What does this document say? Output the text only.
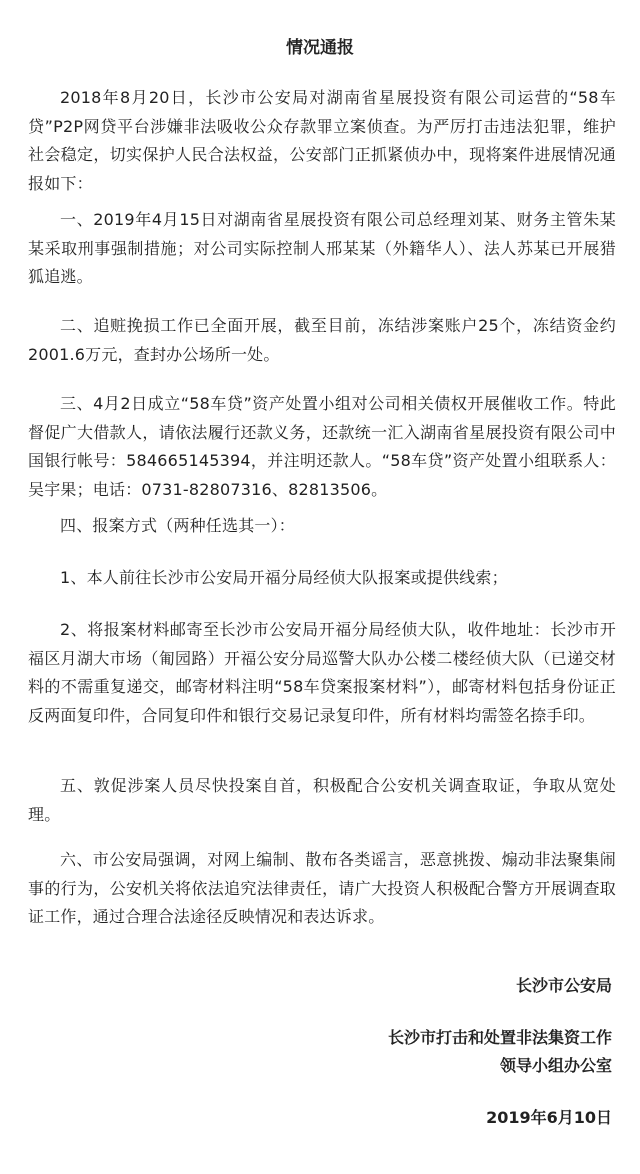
情况通报
2018年8月20日，长沙市公安局对湖南省星展投资有限公司运营的“58车贷”P2P网贷平台涉嫌非法吸收公众存款罪立案侦查。为严厉打击违法犯罪，维护社会稳定，切实保护人民合法权益，公安部门正抓紧侦办中，现将案件进展情况通报如下：
一、2019年4月15日对湖南省星展投资有限公司总经理刘某、财务主管朱某某采取刑事强制措施；对公司实际控制人邢某某（外籍华人）、法人苏某已开展猎狐追逃。
二、追赃挽损工作已全面开展，截至目前，冻结涉案账户25个，冻结资金约2001.6万元，查封办公场所一处。
三、4月2日成立“58车贷”资产处置小组对公司相关债权开展催收工作。特此督促广大借款人，请依法履行还款义务，还款统一汇入湖南省星展投资有限公司中国银行帐号：584665145394，并注明还款人。“58车贷”资产处置小组联系人：吴宇果；电话：0731-82807316、82813506。
四、报案方式（两种任选其一）：
1、本人前往长沙市公安局开福分局经侦大队报案或提供线索；
2、将报案材料邮寄至长沙市公安局开福分局经侦大队，收件地址：长沙市开福区月湖大市场（匍园路）开福公安分局巡警大队办公楼二楼经侦大队（已递交材料的不需重复递交，邮寄材料注明“58车贷案报案材料”），邮寄材料包括身份证正反两面复印件，合同复印件和银行交易记录复印件，所有材料均需签名捺手印。
五、敦促涉案人员尽快投案自首，积极配合公安机关调查取证，争取从宽处理。
六、市公安局强调，对网上编制、散布各类谣言，恶意挑拨、煽动非法聚集闹事的行为，公安机关将依法追究法律责任，请广大投资人积极配合警方开展调查取证工作，通过合理合法途径反映情况和表达诉求。
长沙市公安局
长沙市打击和处置非法集资工作
领导小组办公室
2019年6月10日
